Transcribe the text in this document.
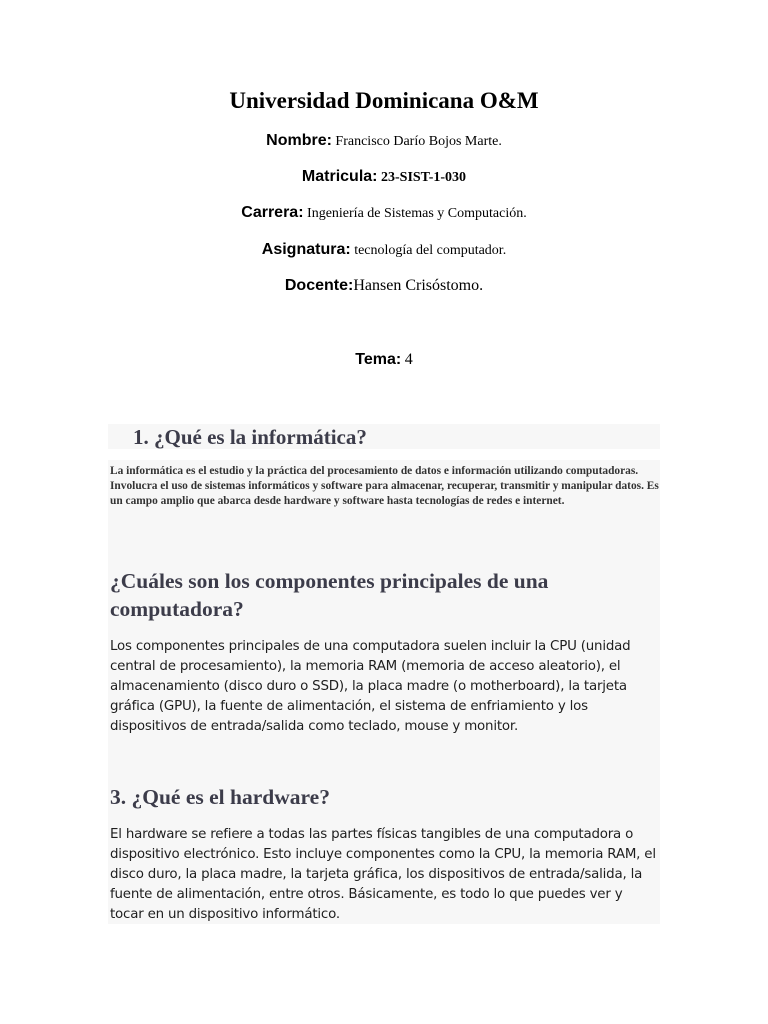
Universidad Dominicana O&M
Nombre: Francisco Darío Bojos Marte.
Matricula: 23-SIST-1-030
Carrera: Ingeniería de Sistemas y Computación.
Asignatura: tecnología del computador.
Docente:Hansen Crisóstomo.
Tema: 4
1. ¿Qué es la informática?

La informática es el estudio y la práctica del procesamiento de datos e información utilizando computadoras. Involucra el uso de sistemas informáticos y software para almacenar, recuperar, transmitir y manipular datos. Es un campo amplio que abarca desde hardware y software hasta tecnologías de redes e internet.

¿Cuáles son los componentes principales de una computadora?

Los componentes principales de una computadora suelen incluir la CPU (unidad central de procesamiento), la memoria RAM (memoria de acceso aleatorio), el almacenamiento (disco duro o SSD), la placa madre (o motherboard), la tarjeta gráfica (GPU), la fuente de alimentación, el sistema de enfriamiento y los dispositivos de entrada/salida como teclado, mouse y monitor.

3. ¿Qué es el hardware?

El hardware se refiere a todas las partes físicas tangibles de una computadora o dispositivo electrónico. Esto incluye componentes como la CPU, la memoria RAM, el disco duro, la placa madre, la tarjeta gráfica, los dispositivos de entrada/salida, la fuente de alimentación, entre otros. Básicamente, es todo lo que puedes ver y tocar en un dispositivo informático.
